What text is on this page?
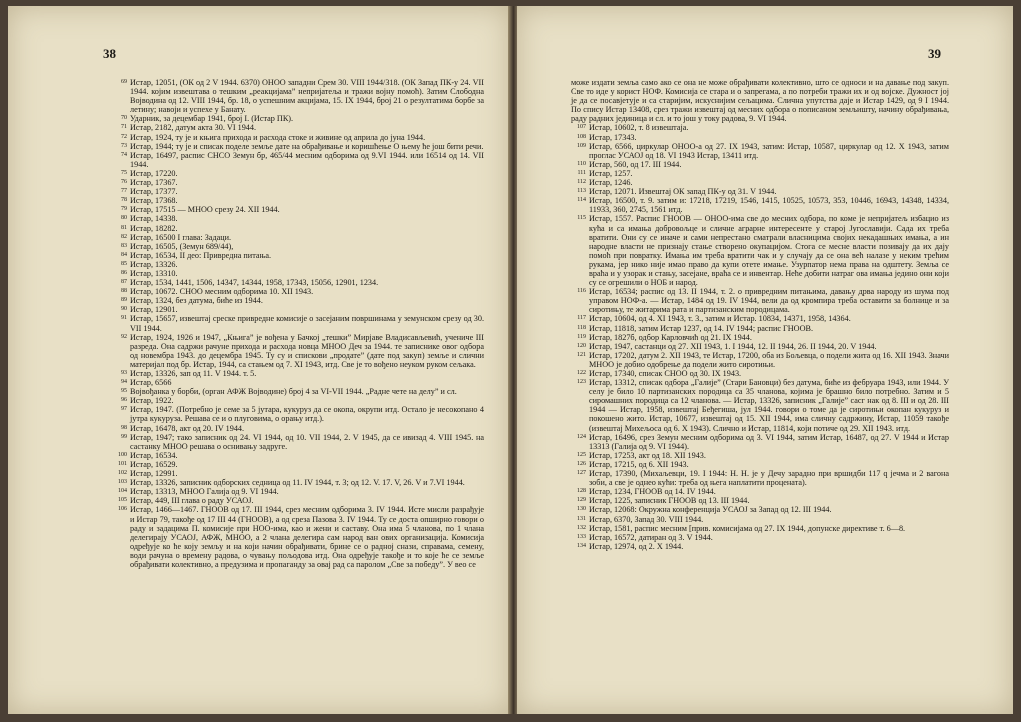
38
69 Истар, 12051, (ОК од 2 V 1944. 6370) ОНОО западни Срем 30. VIII 1944/318. (ОК Запад ПК-у 24. VII 1944. којим извештава о тешким „реакцијама” непријатеља и тражи војну помоћ). Затим Слободна Војводина од 12. VIII 1944, бр. 18, о успешним акцијама, 15. IX 1944, број 21 о резултатима борбе за летину; навоји и успехе у Банату.
70 Ударник, за децембар 1941, број I. (Истар ПК).
71 Истар, 2182, датум акта 30. VI 1944.
72 Истар, 1924, ту је и књига прихода и расхода стоке и живине од априла до јуна 1944.
73 Истар, 1944; ту је и списак поделе земље дате на обрађивање и коришћење О њему ће још бити речи.
74 Истар, 16497, распис СНСО Земун бр, 465/44 месним одборима од 9.VI 1944. или 16514 од 14. VII 1944.
75 Истар, 17220.
76 Истар, 17367.
77 Истар, 17377.
78 Истар, 17368.
79 Истар, 17515 — МНОО срезу 24. XII 1944.
80 Истар, 14338.
81 Истар, 18282.
82 Истар, 16500 I глава: Задаци.
83 Истар, 16505, (Земун 689/44),
84 Истар, 16534, II део: Привредна питања.
85 Истар, 13326.
86 Истар, 13310.
87 Истар, 1534, 1441, 1506, 14347, 14344, 1958, 17343, 15056, 12901, 1234.
88 Истар, 10672. СНОО месним одборима 10. XII 1943.
89 Истар, 1324, без датума, биће из 1944.
90 Истар, 12901.
91 Истар, 15657, извештај среске привредне комисије о засејаним површинама у земунском срезу од 30. VII 1944.
92 Истар, 1924, 1926 и 1947, „Књига” је вођена у Бачкој „тешки” Мирјаве Владисављевић, учениче III разреда. Она садржи рачуне прихода и расхода новца МНОО Деч за 1944. те записнике овог одбора од новембра 1943. до децембра 1945. Ту су и спискови „продате” (дате под закуп) земље и слични материјал под бр. Истар, 1944, са стањем од 7. XI 1943, итд. Све је то вођено неуком руком сељака.
93 Истар, 13326, зап од 11. V 1944. т. 5.
94 Истар, 6566
95 Војвођанка у борби, (орган АФЖ Војводине) број 4 за VI-VII 1944. „Радне чете на делу” и сл.
96 Истар, 1922.
97 Истар, 1947. (Потребно је семе за 5 јутара, кукуруз да се окопа, окрупи итд. Остало је несокопано 4 јутра кукуруза. Решава се и о плуговима, о орању итд.).
98 Истар, 16478, акт од 20. IV 1944.
99 Истар, 1947; тако записник од 24. VI 1944, од 10. VII 1944, 2. V 1945, да се ивизад 4. VIII 1945. на састанку МНОО решава о оснивању задруге.
100 Истар, 16534.
101 Истар, 16529.
102 Истар, 12991.
103 Истар, 13326, записник одборских седница од 11. IV 1944, т. 3; од 12. V. 17. V, 26. V и 7.VI 1944.
104 Истар, 13313, МНОО Галија од 9. VI 1944.
105 Истар, 449, III глава о раду УСАОЈ.
106 Истар, 1466—1467. ГНООВ од 17. III 1944, срез месним одборима 3. IV 1944. Исте мисли разрађује и Истар 79, такође од 17 III 44 (ГНООВ), а од среза Пазова 3. IV 1944. Ту се доста опширно говори о раду и задацима П. комисије при НОО-има, као и жени и саставу. Она има 5 чланова, по 1 члана делегирају УСАОЈ, АФЖ, МНОО, а 2 члана делегира сам народ ван ових организација. Комисија одређује ко ће коју земљу и на који начин обрађивати, брине се о радној снази, справама, семену, води рачуна о времену радова, о чувању пољодова итд. Она одређује такође и то које ће се земље обрађивати колективно, а предузима и пропаганду за овај рад са паролом „Све за победу”. У вео се
39
може издати земља само ако се она не може обрађивати колективно, што се односи и на давање под закуп. Све то иде у корист НОФ. Комисија се стара и о запрегама, а по потреби тражи их и од војске. Дужност јој је да се посавјетује и са старијим, искуснијим сељацима. Слична упутства даје и Истар 1429, од 9 I 1944. По спису Истар 13408, срез тражи извештај од месних одбора о пописаном земљишту, начину обрађивања, раду радних јединица и сл. и то још у току радова, 9. VI 1944.
107 Истар, 10602, т. 8 извештаја.
108 Истар, 17343.
109 Истар, 6566, циркулар ОНОО-а од 27. IX 1943, затим: Истар, 10587, циркулар од 12. X 1943, затим проглас УСАОЈ од 18. VI 1943 Истар, 13411 итд.
110 Истар, 560, од 17. III 1944.
111 Истар, 1257.
112 Истар, 1246.
113 Истар, 12071. Извештај ОК запад ПК-у од 31. V 1944.
114 Истар, 16500, т. 9. затим и: 17218, 17219, 1546, 1415, 10525, 10573, 353, 10446, 16943, 14348, 14334, 11933, 360, 2745, 1561 итд.
115 Истар, 1557. Распис ГНООВ — ОНОО-има све до месних одбора, по коме је непријатељ избацио из кућа и са имања добровољце и сличне аграрне интересенте у старој Југославији. Сада их треба вратити. Они су се иначе и сами непрестано сматрали власницима својих некадашњих имања, а ин народне власти не признају стање створено окупацијом. Стога се месне власти позивају да их дају помоћ при повратку. Имања им треба вратити чак и у случају да се она већ налазе у неким трећим рукама, јер нико није имао право да купи отете имање. Узурпатор нема права на одштету. Земља се враћа и у узорак и стању, засејане, враћа се и инвентар. Неће добити натраг ова имања једино они који су се огрешили о НОБ и народ.
116 Истар, 16534; распис од 13. II 1944, т. 2. о привредним питањима, давању дрва народу из шума под управом НОФ-а. — Истар, 1484 од 19. IV 1944, вели да од кромпира треба оставити за болнице и за сиротињу, те житарима рата и партизанским породицама.
117 Истар, 10604, од 4. XI 1943, т. 3., затим и Истар. 10834, 14371, 1958, 14364.
118 Истар, 11818, затим Истар 1237, од 14. IV 1944; распис ГНООВ.
119 Истар, 1827б, одбор Карловчић од 21. IX 1944.
120 Истар, 1947, састанци од 27. XII 1943, 1. I 1944, 12. II 1944, 26. II 1944, 20. V 1944.
121 Истар, 17202, датум 2. XII 1943, те Истар, 17200, оба из Бољевца, о подели жита од 16. XII 1943. Значи МНОО је добио одобрење да подели жито сиротињи.
122 Истар, 17340, списак СНОО од 30. IX 1943.
123 Истар, 13312, списак одбора „Галије” (Стари Бановци) без датума, биће из фебруара 1943, или 1944. У селу је било 10 партизанских породица са 35 чланова, којима је брашно било потребно. Затим и 5 сиромашних породица са 12 чланова. — Истар, 13326, записник „Галије” сасг нак од 8. III и од 28. III 1944 — Истар, 1958, извештај Беђегиша, јул 1944. говори о томе да је сиротињи окопан кукуруз и покошено жито. Истар, 10677, извештај од 15. XII 1944, има сличну садржину, Истар, 11059 такође (извештај Михељоса од 6. X 1943). Слично и Истар, 11814, који потиче од 29. XII 1943. итд.
124 Истар, 16496, срез Земун месним одборима од 3. VI 1944, затим Истар, 16487, од 27. V 1944 и Истар 13313 (Галија од 9. VI 1944).
125 Истар, 17253, акт од 18. XII 1943.
126 Истар, 17215, од 6. XII 1943.
127 Истар, 17390, (Михаљевци, 19. I 1944: Н. Н. је у Дечу зарадно при вршидби 117 q јечма и 2 вагона зоби, а све је однео кући: треба од њега наплатити процената).
128 Истар, 1234, ГНООВ од 14. IV 1944.
129 Истар, 1225, записник ГНООВ од 13. III 1944.
130 Истар, 12068: Окружна конференција УСАОЈ за Запад од 12. III 1944.
131 Истар, 6370, Запад 30. VIII 1944.
132 Истар, 1581, распис месним [прив. комисијама од 27. IX 1944, допунске директиве т. 6—8.
133 Истар, 16572, датиран од 3. V 1944.
134 Истар, 12974, од 2. X 1944.
